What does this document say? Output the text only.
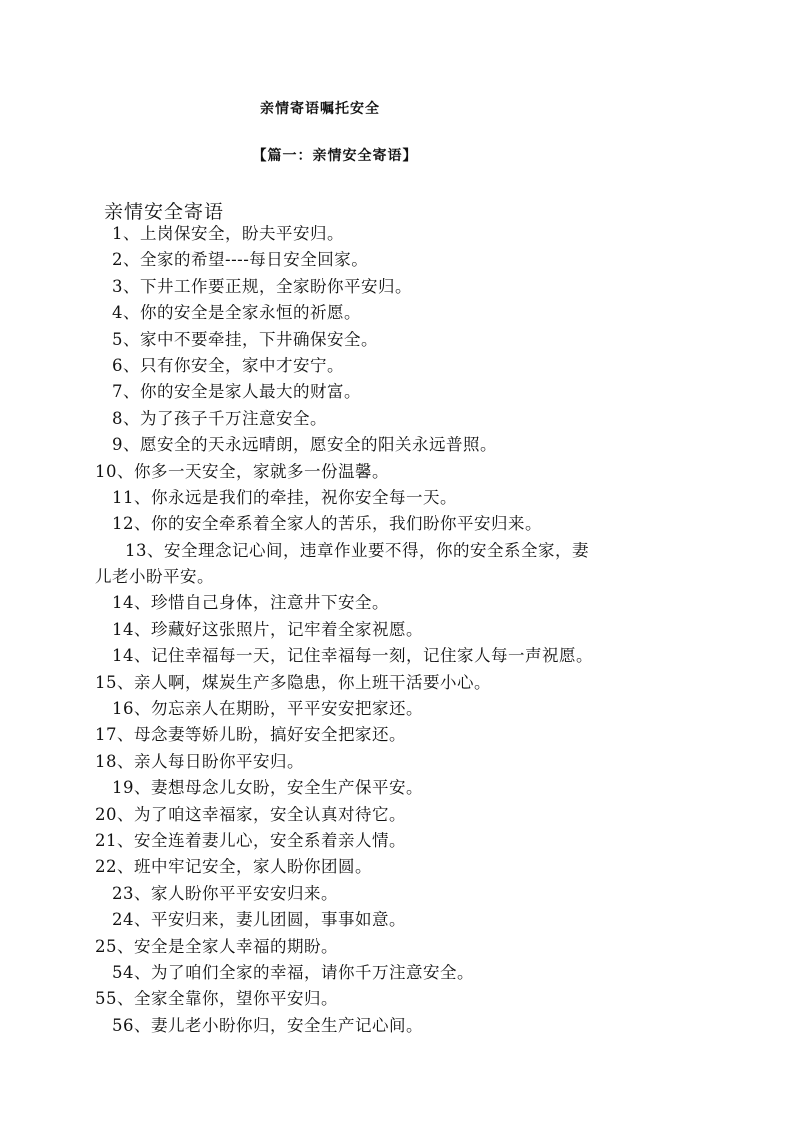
亲情寄语嘱托安全
【篇一：亲情安全寄语】
亲情安全寄语
1、上岗保安全，盼夫平安归。
2、全家的希望----每日安全回家。
3、下井工作要正规，全家盼你平安归。
4、你的安全是全家永恒的祈愿。
5、家中不要牵挂，下井确保安全。
6、只有你安全，家中才安宁。
7、你的安全是家人最大的财富。
8、为了孩子千万注意安全。
9、愿安全的天永远晴朗，愿安全的阳关永远普照。
10、你多一天安全，家就多一份温馨。
11、你永远是我们的牵挂，祝你安全每一天。
12、你的安全牵系着全家人的苦乐，我们盼你平安归来。
13、安全理念记心间，违章作业要不得，你的安全系全家，妻
儿老小盼平安。
14、珍惜自己身体，注意井下安全。
14、珍藏好这张照片，记牢着全家祝愿。
14、记住幸福每一天，记住幸福每一刻，记住家人每一声祝愿。
15、亲人啊，煤炭生产多隐患，你上班干活要小心。
16、勿忘亲人在期盼，平平安安把家还。
17、母念妻等娇儿盼，搞好安全把家还。
18、亲人每日盼你平安归。
19、妻想母念儿女盼，安全生产保平安。
20、为了咱这幸福家，安全认真对待它。
21、安全连着妻儿心，安全系着亲人情。
22、班中牢记安全，家人盼你团圆。
23、家人盼你平平安安归来。
24、平安归来，妻儿团圆，事事如意。
25、安全是全家人幸福的期盼。
54、为了咱们全家的幸福，请你千万注意安全。
55、全家全靠你，望你平安归。
56、妻儿老小盼你归，安全生产记心间。
